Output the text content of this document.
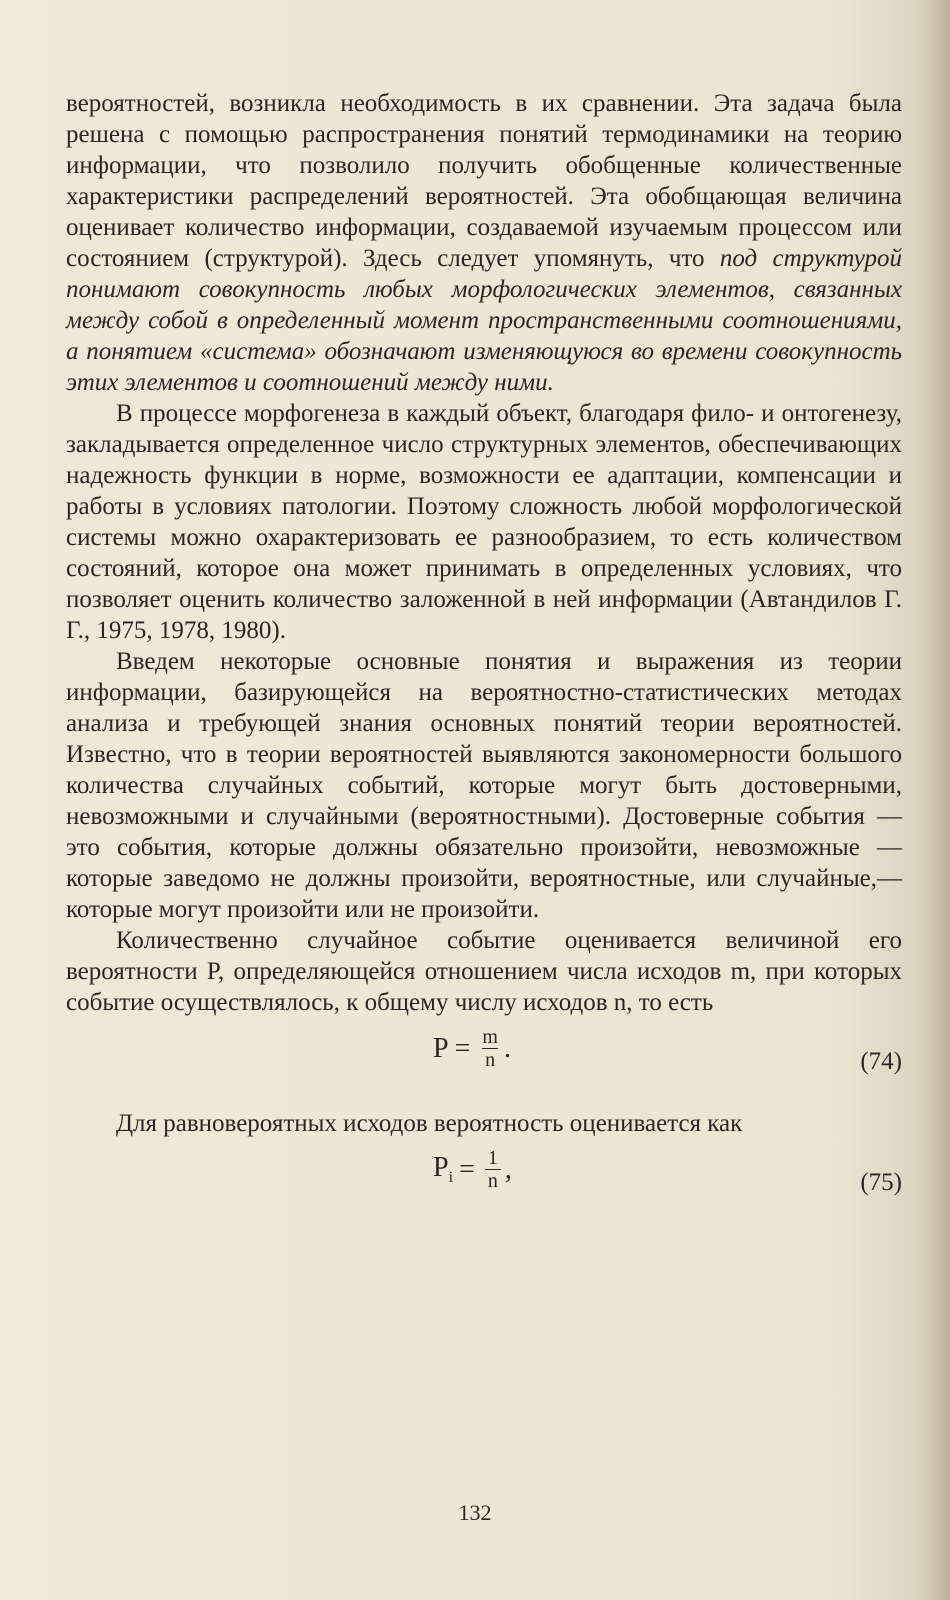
вероятностей, возникла необходимость в их сравнении. Эта задача была решена с помощью распространения понятий термодинамики на теорию информации, что позволило получить обобщенные количественные характеристики распределений вероятностей. Эта обобщающая величина оценивает количество информации, создаваемой изучаемым процессом или состоянием (структурой). Здесь следует упомянуть, что под структурой понимают совокупность любых морфологических элементов, связанных между собой в определенный момент пространственными соотношениями, а понятием «система» обозначают изменяющуюся во времени совокупность этих элементов и соотношений между ними.

В процессе морфогенеза в каждый объект, благодаря фило- и онтогенезу, закладывается определенное число структурных элементов, обеспечивающих надежность функции в норме, возможности ее адаптации, компенсации и работы в условиях патологии. Поэтому сложность любой морфологической системы можно охарактеризовать ее разнообразием, то есть количеством состояний, которое она может принимать в определенных условиях, что позволяет оценить количество заложенной в ней информации (Автандилов Г. Г., 1975, 1978, 1980).

Введем некоторые основные понятия и выражения из теории информации, базирующейся на вероятностно-статистических методах анализа и требующей знания основных понятий теории вероятностей. Известно, что в теории вероятностей выявляются закономерности большого количества случайных событий, которые могут быть достоверными, невозможными и случайными (вероятностными). Достоверные события — это события, которые должны обязательно произойти, невозможные — которые заведомо не должны произойти, вероятностные, или случайные,— которые могут произойти или не произойти.

Количественно случайное событие оценивается величиной его вероятности P, определяющейся отношением числа исходов m, при которых событие осуществлялось, к общему числу исходов n, то есть

$P = \frac{m}{n}$ .	(74)

Для равновероятных исходов вероятность оценивается как

$P_i = \frac{1}{n}$ ,	(75)
132
